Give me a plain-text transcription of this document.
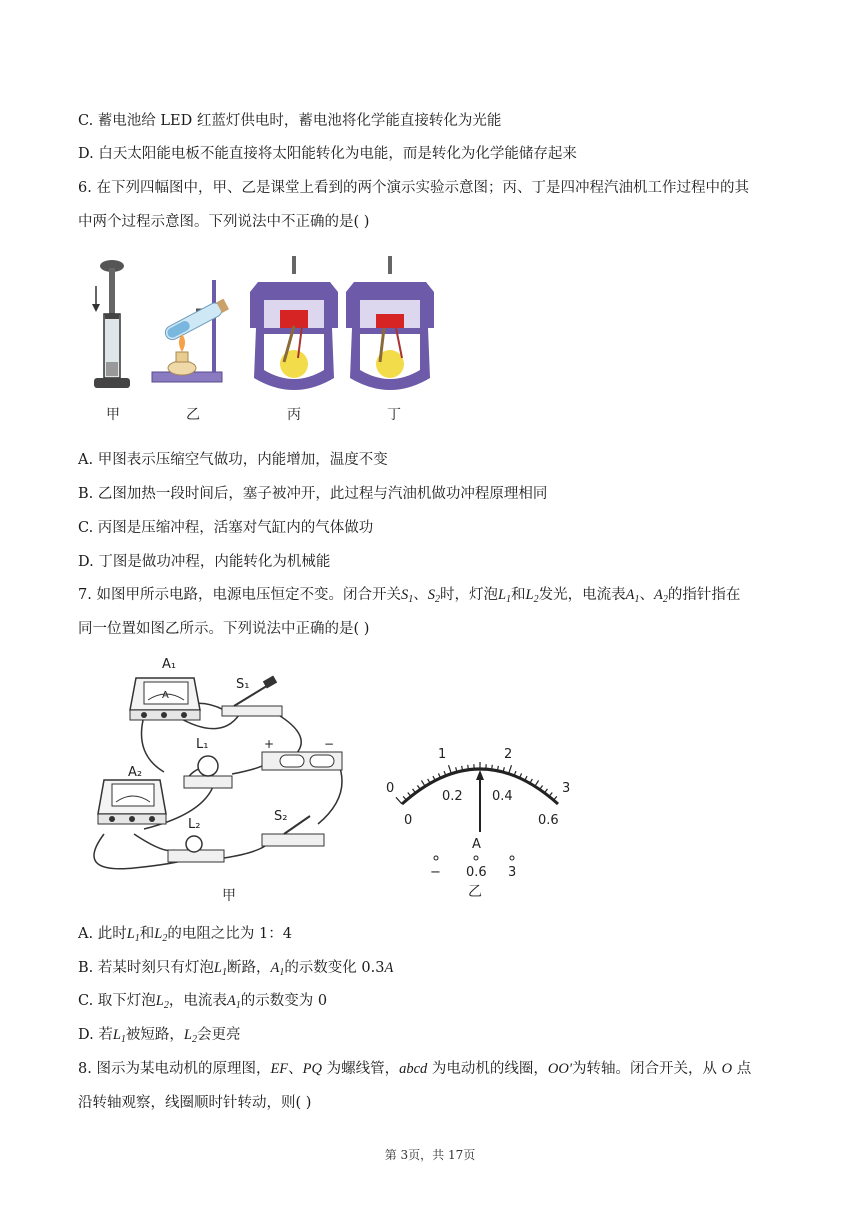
C. 蓄电池给 LED 红蓝灯供电时，蓄电池将化学能直接转化为光能
D. 白天太阳能电板不能直接将太阳能转化为电能，而是转化为化学能储存起来
6. 在下列四幅图中，甲、乙是课堂上看到的两个演示实验示意图；丙、丁是四冲程汽油机工作过程中的其
中两个过程示意图。下列说法中不正确的是( )
甲	乙	丙	丁
A. 甲图表示压缩空气做功，内能增加，温度不变
B. 乙图加热一段时间后，塞子被冲开，此过程与汽油机做功冲程原理相同
C. 丙图是压缩冲程，活塞对气缸内的气体做功
D. 丁图是做功冲程，内能转化为机械能
7. 如图甲所示电路，电源电压恒定不变。闭合开关$S_1$、$S_2$时，灯泡$L_1$和$L_2$发光，电流表$A_1$、$A_2$的指针指在
同一位置如图乙所示。下列说法中正确的是( )
A₁
A
S₁
+	−
L₁
A₂
S₂
L₂
甲
0
1	2
3
0
0.2 0.4
0.6
A
− 0.6 3
乙
A. 此时$L_1$和$L_2$的电阻之比为 1：4
B. 若某时刻只有灯泡$L_1$断路，$A_1$的示数变化 0.3A
C. 取下灯泡$L_2$，电流表$A_1$的示数变为 0
D. 若$L_1$被短路，$L_2$会更亮
8. 图示为某电动机的原理图，EF、PQ 为螺线管，abcd 为电动机的线圈，OO′为转轴。闭合开关，从 O 点
沿转轴观察，线圈顺时针转动，则( )
第 3页，共 17页
